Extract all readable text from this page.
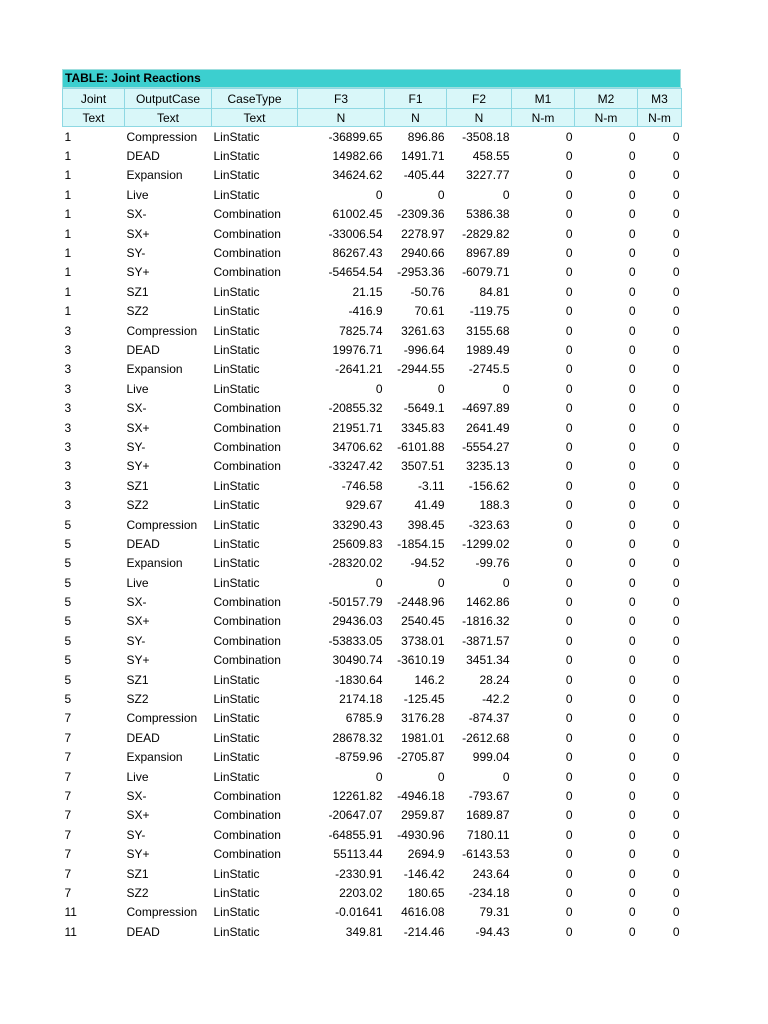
TABLE: Joint Reactions
Joint	OutputCase	CaseType	F3	F1	F2	M1	M2	M3
Text	Text	Text	N	N	N	N-m	N-m	N-m
1	Compression	LinStatic	-36899.65	896.86	-3508.18	0	0	0
1	DEAD	LinStatic	14982.66	1491.71	458.55	0	0	0
1	Expansion	LinStatic	34624.62	-405.44	3227.77	0	0	0
1	Live	LinStatic	0	0	0	0	0	0
1	SX-	Combination	61002.45	-2309.36	5386.38	0	0	0
1	SX+	Combination	-33006.54	2278.97	-2829.82	0	0	0
1	SY-	Combination	86267.43	2940.66	8967.89	0	0	0
1	SY+	Combination	-54654.54	-2953.36	-6079.71	0	0	0
1	SZ1	LinStatic	21.15	-50.76	84.81	0	0	0
1	SZ2	LinStatic	-416.9	70.61	-119.75	0	0	0
3	Compression	LinStatic	7825.74	3261.63	3155.68	0	0	0
3	DEAD	LinStatic	19976.71	-996.64	1989.49	0	0	0
3	Expansion	LinStatic	-2641.21	-2944.55	-2745.5	0	0	0
3	Live	LinStatic	0	0	0	0	0	0
3	SX-	Combination	-20855.32	-5649.1	-4697.89	0	0	0
3	SX+	Combination	21951.71	3345.83	2641.49	0	0	0
3	SY-	Combination	34706.62	-6101.88	-5554.27	0	0	0
3	SY+	Combination	-33247.42	3507.51	3235.13	0	0	0
3	SZ1	LinStatic	-746.58	-3.11	-156.62	0	0	0
3	SZ2	LinStatic	929.67	41.49	188.3	0	0	0
5	Compression	LinStatic	33290.43	398.45	-323.63	0	0	0
5	DEAD	LinStatic	25609.83	-1854.15	-1299.02	0	0	0
5	Expansion	LinStatic	-28320.02	-94.52	-99.76	0	0	0
5	Live	LinStatic	0	0	0	0	0	0
5	SX-	Combination	-50157.79	-2448.96	1462.86	0	0	0
5	SX+	Combination	29436.03	2540.45	-1816.32	0	0	0
5	SY-	Combination	-53833.05	3738.01	-3871.57	0	0	0
5	SY+	Combination	30490.74	-3610.19	3451.34	0	0	0
5	SZ1	LinStatic	-1830.64	146.2	28.24	0	0	0
5	SZ2	LinStatic	2174.18	-125.45	-42.2	0	0	0
7	Compression	LinStatic	6785.9	3176.28	-874.37	0	0	0
7	DEAD	LinStatic	28678.32	1981.01	-2612.68	0	0	0
7	Expansion	LinStatic	-8759.96	-2705.87	999.04	0	0	0
7	Live	LinStatic	0	0	0	0	0	0
7	SX-	Combination	12261.82	-4946.18	-793.67	0	0	0
7	SX+	Combination	-20647.07	2959.87	1689.87	0	0	0
7	SY-	Combination	-64855.91	-4930.96	7180.11	0	0	0
7	SY+	Combination	55113.44	2694.9	-6143.53	0	0	0
7	SZ1	LinStatic	-2330.91	-146.42	243.64	0	0	0
7	SZ2	LinStatic	2203.02	180.65	-234.18	0	0	0
11	Compression	LinStatic	-0.01641	4616.08	79.31	0	0	0
11	DEAD	LinStatic	349.81	-214.46	-94.43	0	0	0
